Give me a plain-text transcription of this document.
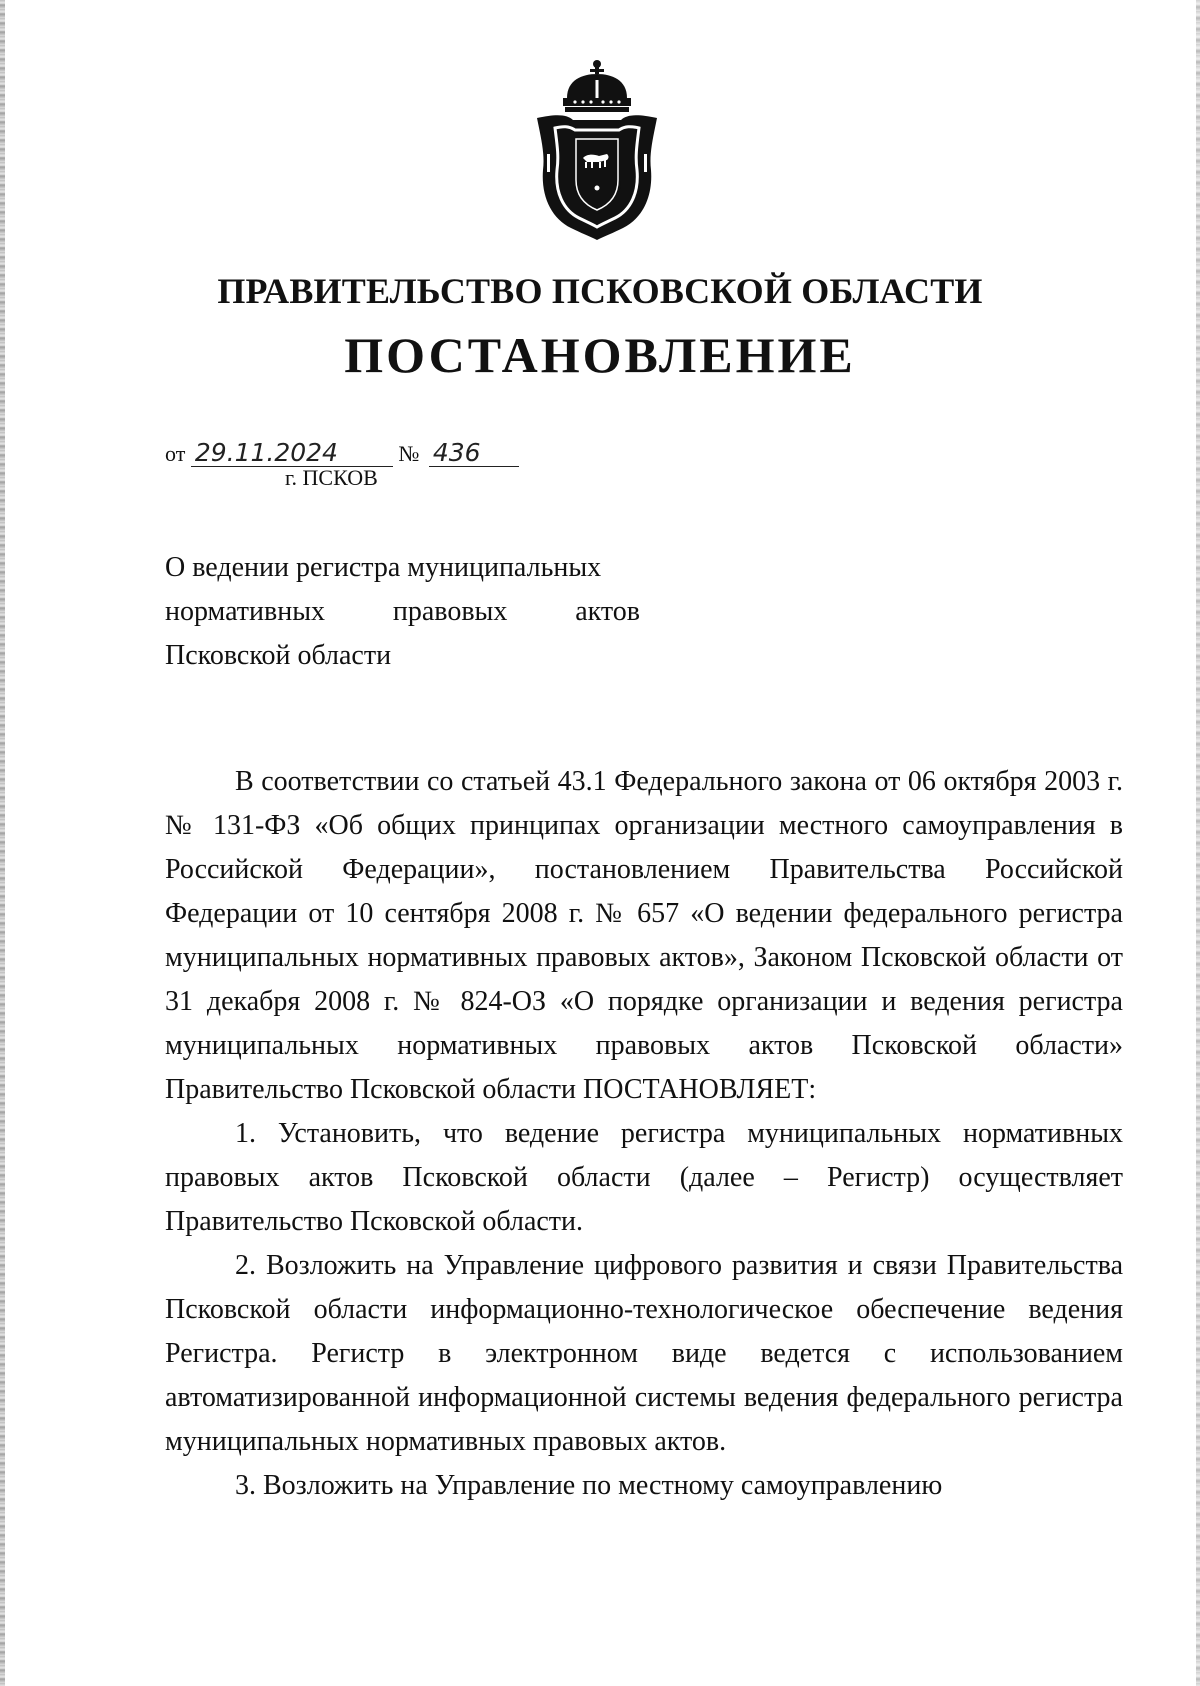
ПРАВИТЕЛЬСТВО ПСКОВСКОЙ ОБЛАСТИ
ПОСТАНОВЛЕНИЕ
от 29.11.2024	№ 436
г. ПСКОВ
О ведении регистра муниципальных
нормативных правовых актов
Псковской области

В соответствии со статьей 43.1 Федерального закона от 06 октября 2003 г. № 131-ФЗ «Об общих принципах организации местного самоуправления в Российской Федерации», постановлением Правительства Российской Федерации от 10 сентября 2008 г. № 657 «О ведении федерального регистра муниципальных нормативных правовых актов», Законом Псковской области от 31 декабря 2008 г. № 824-ОЗ «О порядке организации и ведения регистра муниципальных нормативных правовых актов Псковской области» Правительство Псковской области ПОСТАНОВЛЯЕТ:

1. Установить, что ведение регистра муниципальных нормативных правовых актов Псковской области (далее – Регистр) осуществляет Правительство Псковской области.

2. Возложить на Управление цифрового развития и связи Правительства Псковской области информационно-технологическое обеспечение ведения Регистра. Регистр в электронном виде ведется с использованием автоматизированной информационной системы ведения федерального регистра муниципальных нормативных правовых актов.

3. Возложить на Управление по местному самоуправлению
